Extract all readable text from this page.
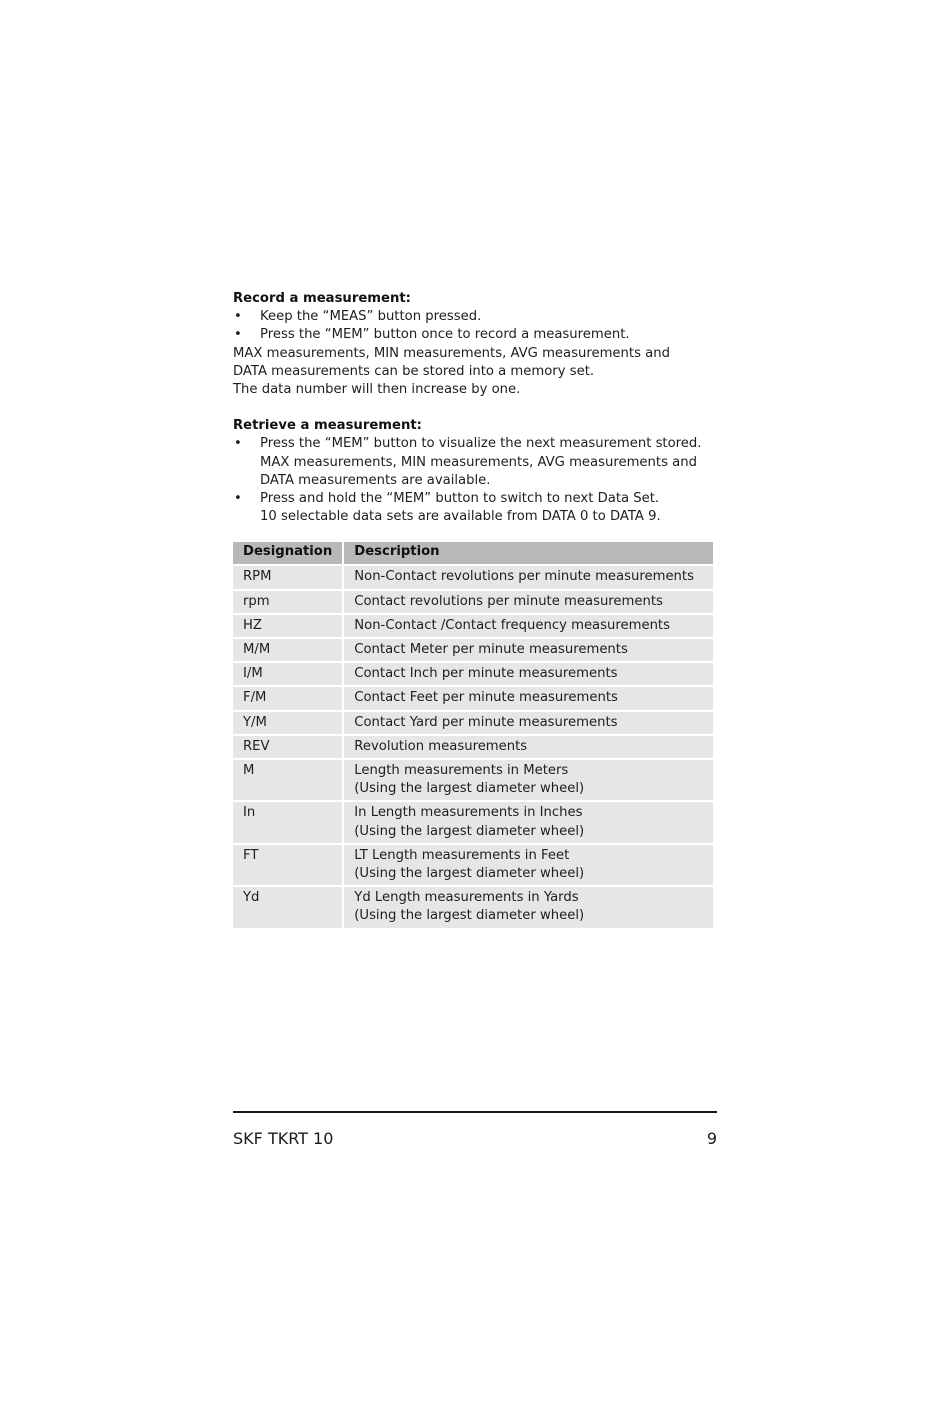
Record a measurement:
• Keep the “MEAS” button pressed.
• Press the “MEM” button once to record a measurement.

MAX measurements, MIN measurements, AVG measurements and

DATA measurements can be stored into a memory set.

The data number will then increase by one.

Retrieve a measurement:
• Press the “MEM” button to visualize the next measurement stored.
MAX measurements, MIN measurements, AVG measurements and
DATA measurements are available.
• Press and hold the “MEM” button to switch to next Data Set.
10 selectable data sets are available from DATA 0 to DATA 9.
Designation	Description
RPM	Non-Contact revolutions per minute measurements

rpm	Contact revolutions per minute measurements

HZ	Non-Contact /Contact frequency measurements

M/M	Contact Meter per minute measurements

I/M	Contact Inch per minute measurements

F/M	Contact Feet per minute measurements

Y/M	Contact Yard per minute measurements

REV	Revolution measurements

M	Length measurements in Meters
(Using the largest diameter wheel)

In	In Length measurements in Inches
(Using the largest diameter wheel)

FT	LT Length measurements in Feet
(Using the largest diameter wheel)

Yd	Yd Length measurements in Yards
(Using the largest diameter wheel)
SKF TKRT 10	9
